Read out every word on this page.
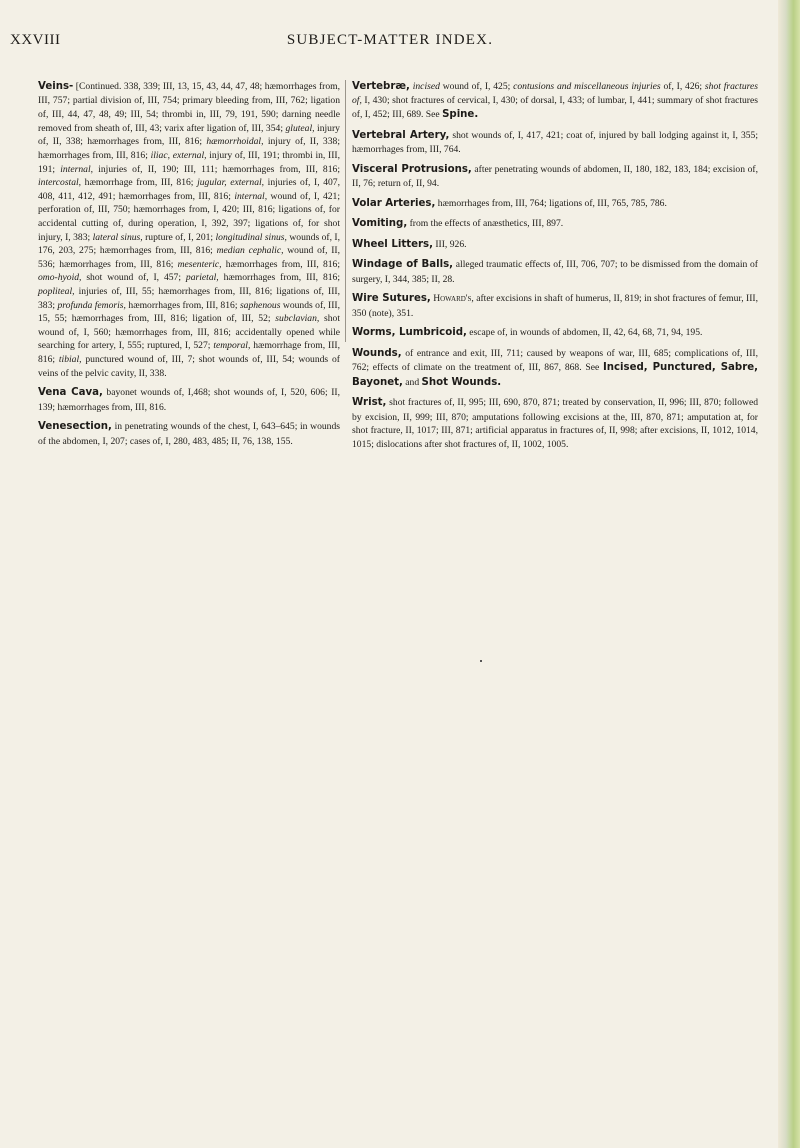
XXVIII	SUBJECT-MATTER INDEX.

Veins- [Continued. 338, 339; III, 13, 15, 43, 44, 47, 48; hæmorrhages from, III, 757; partial division of, III, 754; primary bleeding from, III, 762; ligation of, III, 44, 47, 48, 49; III, 54; thrombi in, III, 79, 191, 590; darning needle removed from sheath of, III, 43; varix after ligation of, III, 354; gluteal, injury of, II, 338; hæmorrhages from, III, 816; hæmorrhoidal, injury of, II, 338; hæmorrhages from, III, 816; iliac, external, injury of, III, 191; thrombi in, III, 191; internal, injuries of, II, 190; III, 111; hæmorrhages from, III, 816; intercostal, hæmorrhage from, III, 816; jugular, external, injuries of, I, 407, 408, 411, 412, 491; hæmorrhages from, III, 816; internal, wound of, I, 421; perforation of, III, 750; hæmorrhages from, I, 420; III, 816; ligations of, for accidental cutting of, during operation, I, 392, 397; ligations of, for shot injury, I, 383; lateral sinus, rupture of, I, 201; longitudinal sinus, wounds of, I, 176, 203, 275; hæmorrhages from, III, 816; median cephalic, wound of, II, 536; hæmorrhages from, III, 816; mesenteric, hæmorrhages from, III, 816; omo-hyoid, shot wound of, I, 457; parietal, hæmorrhages from, III, 816; popliteal, injuries of, III, 55; hæmorrhages from, III, 816; ligations of, III, 383; profunda femoris, hæmorrhages from, III, 816; saphenous wounds of, III, 15, 55; hæmorrhages from, III, 816; ligation of, III, 52; subclavian, shot wound of, I, 560; hæmorrhages from, III, 816; accidentally opened while searching for artery, I, 555; ruptured, I, 527; temporal, hæmorrhage from, III, 816; tibial, punctured wound of, III, 7; shot wounds of, III, 54; wounds of veins of the pelvic cavity, II, 338.

Vena Cava, bayonet wounds of, I,468; shot wounds of, I, 520, 606; II, 139; hæmorrhages from, III, 816.

Venesection, in penetrating wounds of the chest, I, 643–645; in wounds of the abdomen, I, 207; cases of, I, 280, 483, 485; II, 76, 138, 155.

Vertebræ, incised wound of, I, 425; contusions and miscellaneous injuries of, I, 426; shot fractures of, I, 430; shot fractures of cervical, I, 430; of dorsal, I, 433; of lumbar, I, 441; summary of shot fractures of, I, 452; III, 689. See Spine.

Vertebral Artery, shot wounds of, I, 417, 421; coat of, injured by ball lodging against it, I, 355; hæmorrhages from, III, 764.

Visceral Protrusions, after penetrating wounds of abdomen, II, 180, 182, 183, 184; excision of, II, 76; return of, II, 94.

Volar Arteries, hæmorrhages from, III, 764; ligations of, III, 765, 785, 786.

Vomiting, from the effects of anæsthetics, III, 897.

Wheel Litters, III, 926.

Windage of Balls, alleged traumatic effects of, III, 706, 707; to be dismissed from the domain of surgery, I, 344, 385; II, 28.

Wire Sutures, Howard's, after excisions in shaft of humerus, II, 819; in shot fractures of femur, III, 350 (note), 351.

Worms, Lumbricoid, escape of, in wounds of abdomen, II, 42, 64, 68, 71, 94, 195.

Wounds, of entrance and exit, III, 711; caused by weapons of war, III, 685; complications of, III, 762; effects of climate on the treatment of, III, 867, 868. See Incised, Punctured, Sabre, Bayonet, and Shot Wounds.

Wrist, shot fractures of, II, 995; III, 690, 870, 871; treated by conservation, II, 996; III, 870; followed by excision, II, 999; III, 870; amputations following excisions at the, III, 870, 871; amputation at, for shot fracture, II, 1017; III, 871; artificial apparatus in fractures of, II, 998; after excisions, II, 1012, 1014, 1015; dislocations after shot fractures of, II, 1002, 1005.
